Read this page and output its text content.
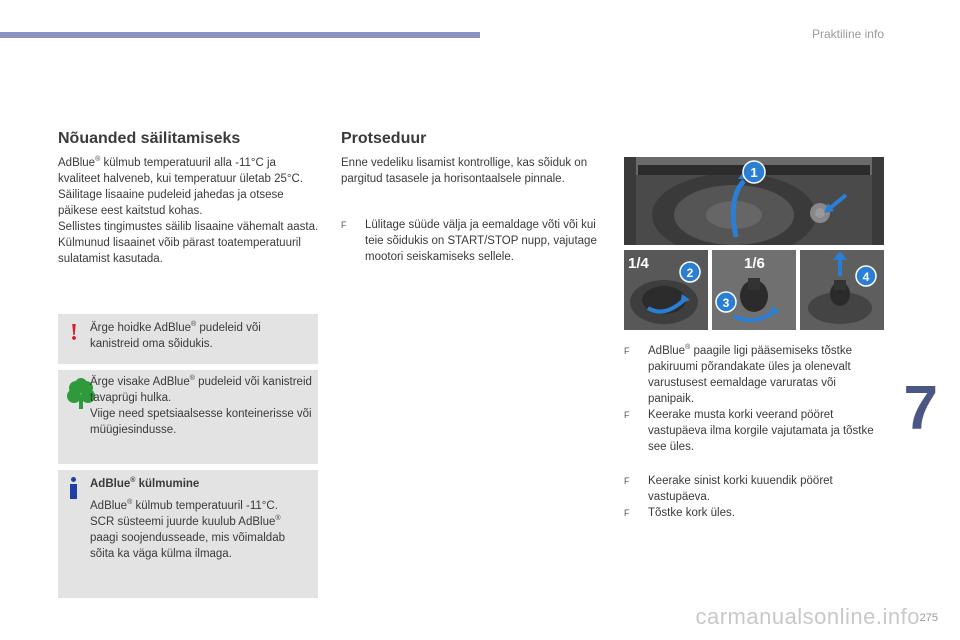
Praktiline info
7
carmanualsonline.info 275
Nõuanded säilitamiseks

AdBlue® külmub temperatuuril alla -11°C ja kvaliteet halveneb, kui temperatuur ületab 25°C. Säilitage lisaaine pudeleid jahedas ja otsese päikese eest kaitstud kohas.

Sellistes tingimustes säilib lisaaine vähemalt aasta.

Külmunud lisaainet võib pärast toatemperatuuril sulatamist kasutada.

! Ärge hoidke AdBlue® pudeleid või kanistreid oma sõidukis.

Ärge visake AdBlue® pudeleid või kanistreid tavaprügi hulka.

Viige need spetsiaalsesse konteinerisse või müügiesindusse.

AdBlue® külmumine

AdBlue® külmub temperatuuril -11°C. SCR süsteemi juurde kuulub AdBlue® paagi soojendusseade, mis võimaldab sõita ka väga külma ilmaga.

Protseduur
Enne vedeliku lisamist kontrollige, kas sõiduk on pargitud tasasele ja horisontaalsele pinnale.
F Lülitage süüde välja ja eemaldage võti või kui teie sõidukis on START/STOP nupp, vajutage mootori seiskamiseks sellele.
1
1/4
2
1/6
3
4
F AdBlue® paagile ligi pääsemiseks tõstke pakiruumi põrandakate üles ja olenevalt varustusest eemaldage varuratas või panipaik.
F Keerake musta korki veerand pööret vastupäeva ilma korgile vajutamata ja tõstke see üles.
F Keerake sinist korki kuuendik pööret vastupäeva.
F Tõstke kork üles.
